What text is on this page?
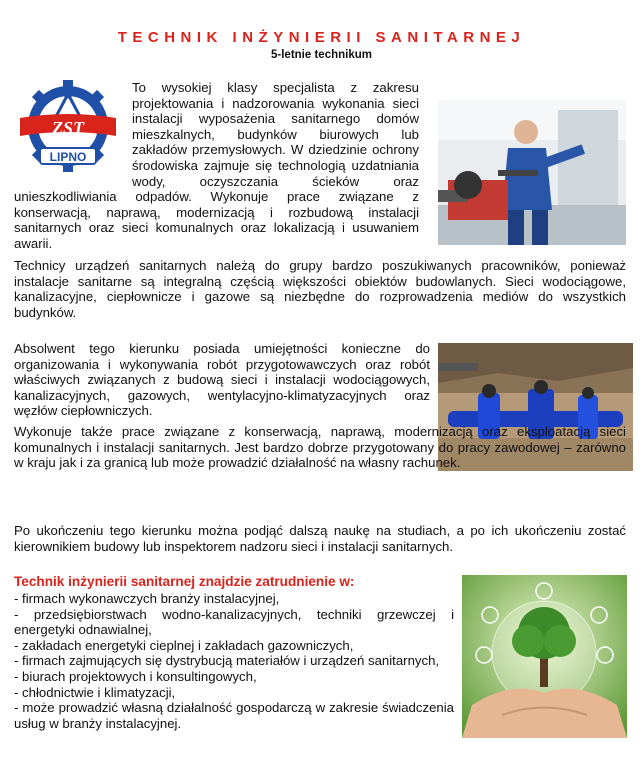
TECHNIK INŻYNIERII SANITARNEJ
5-letnie technikum
ZST
LIPNO
To wysokiej klasy specjalista z zakresu projektowania i nadzorowania wykonania sieci instalacji wyposażenia sanitarnego domów mieszkalnych, budynków biurowych lub zakładów przemysłowych. W dziedzinie ochrony środowiska zajmuje się technologią uzdatniania wody, oczyszczania ścieków oraz unieszkodliwiania odpadów. Wykonuje prace związane z konserwacją, naprawą, modernizacją i rozbudową instalacji sanitarnych oraz sieci komunalnych oraz lokalizacją i usuwaniem awarii.
Technicy urządzeń sanitarnych należą do grupy bardzo poszukiwanych pracowników, ponieważ instalacje sanitarne są integralną częścią większości obiektów budowlanych. Sieci wodociągowe, kanalizacyjne, ciepłownicze i gazowe są niezbędne do rozprowadzenia mediów do wszystkich budynków.
Absolwent tego kierunku posiada umiejętności konieczne do organizowania i wykonywania robót przygotowawczych oraz robót właściwych związanych z budową sieci i instalacji wodociągowych, kanalizacyjnych, gazowych, wentylacyjno-klimatyzacyjnych oraz węzłów ciepłowniczych.
Wykonuje także prace związane z konserwacją, naprawą, modernizacją oraz eksploatacją sieci komunalnych i instalacji sanitarnych. Jest bardzo dobrze przygotowany do pracy zawodowej – zarówno w kraju jak i za granicą lub może prowadzić działalność na własny rachunek.
Po ukończeniu tego kierunku można podjąć dalszą naukę na studiach, a po ich ukończeniu zostać kierownikiem budowy lub inspektorem nadzoru sieci i instalacji sanitarnych.
Technik inżynierii sanitarnej znajdzie zatrudnienie w:
- firmach wykonawczych branży instalacyjnej,
- przedsiębiorstwach wodno-kanalizacyjnych, techniki grzewczej i energetyki odnawialnej,
- zakładach energetyki cieplnej i zakładach gazowniczych,
- firmach zajmujących się dystrybucją materiałów i urządzeń sanitarnych,
- biurach projektowych i konsultingowych,
- chłodnictwie i klimatyzacji,
- może prowadzić własną działalność gospodarczą w zakresie świadczenia usług w branży instalacyjnej.
